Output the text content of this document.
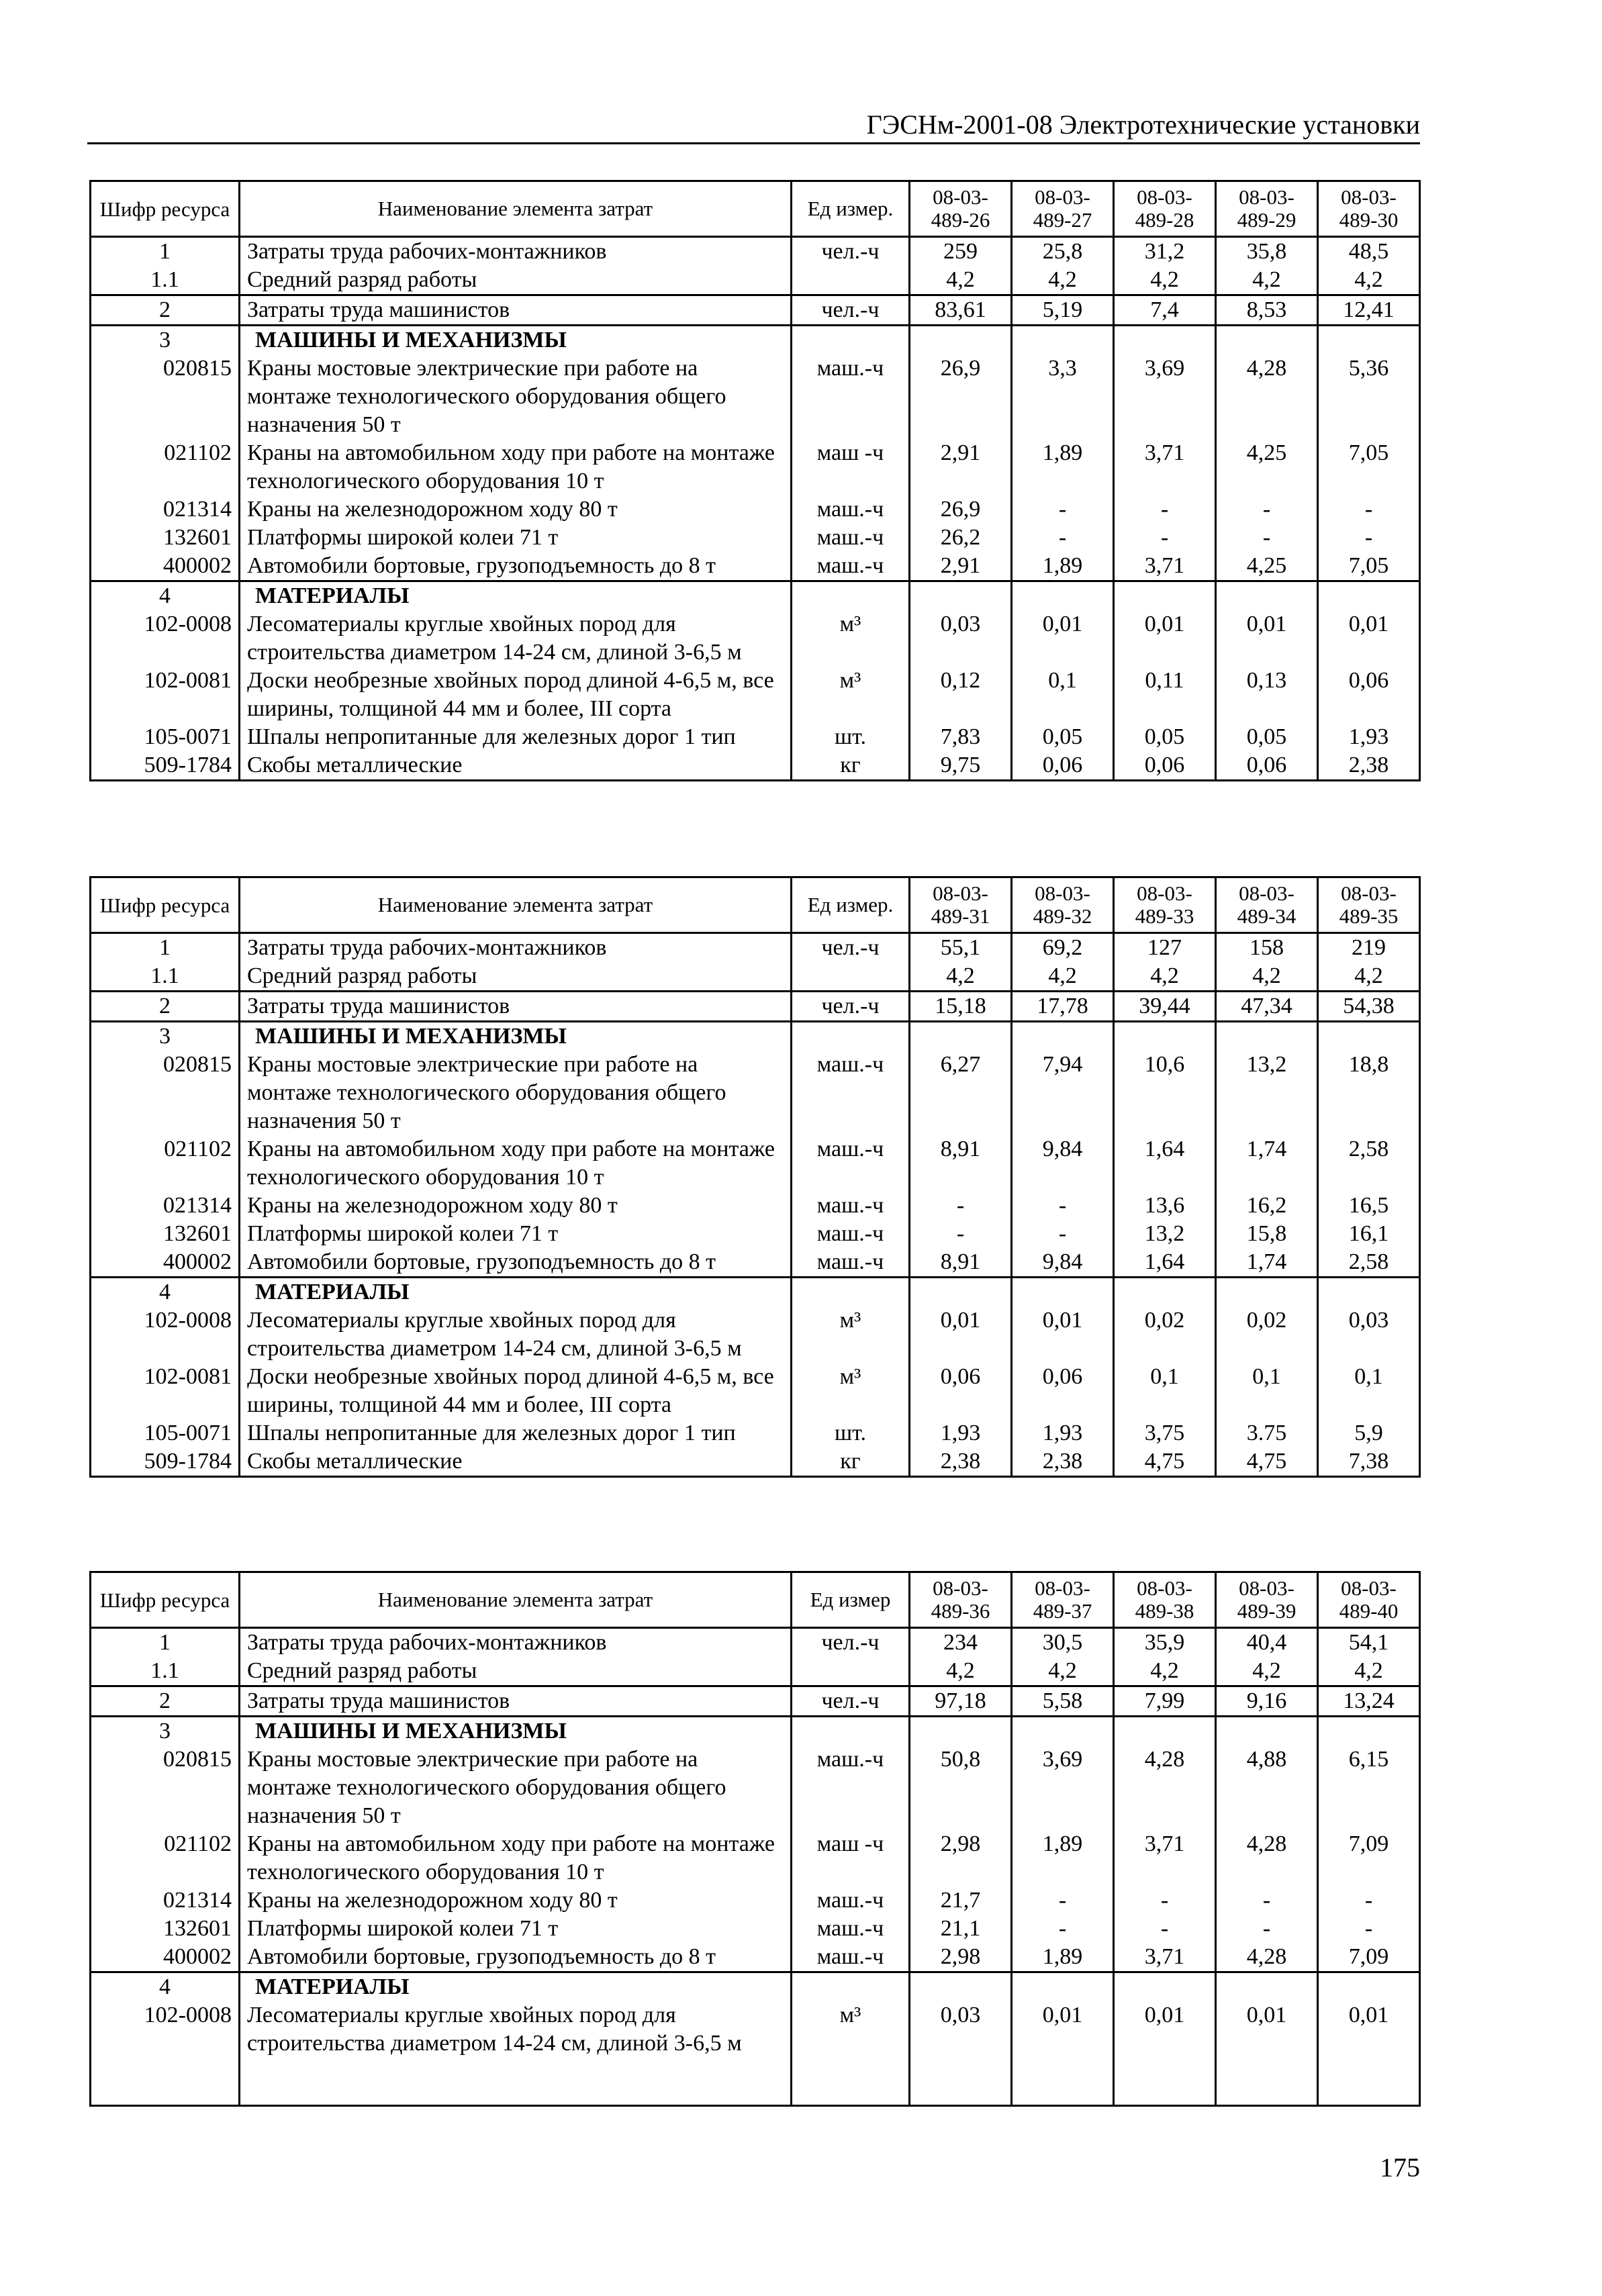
ГЭСНм-2001-08 Электротехнические установки
Шифр ресурса	Наименование элемента затрат	Ед измер.	08-03-489-26	08-03-489-27	08-03-489-28	08-03-489-29	08-03-489-30
1	Затраты труда рабочих-монтажников	чел.-ч	259	25,8	31,2	35,8	48,5
1.1	Средний разряд работы		4,2	4,2	4,2	4,2	4,2
2	Затраты труда машинистов	чел.-ч	83,61	5,19	7,4	8,53	12,41
3	МАШИНЫ И МЕХАНИЗМЫ						
020815	Краны мостовые электрические при работе на монтаже технологического оборудования общего назначения 50 т	маш.-ч	26,9	3,3	3,69	4,28	5,36
021102	Краны на автомобильном ходу при работе на монтаже технологического оборудования 10 т	маш -ч	2,91	1,89	3,71	4,25	7,05
021314	Краны на железнодорожном ходу 80 т	маш.-ч	26,9	-	-	-	-
132601	Платформы широкой колеи 71 т	маш.-ч	26,2	-	-	-	-
400002	Автомобили бортовые, грузоподъемность до 8 т	маш.-ч	2,91	1,89	3,71	4,25	7,05
4	МАТЕРИАЛЫ						
102-0008	Лесоматериалы круглые хвойных пород для строительства диаметром 14-24 см, длиной 3-6,5 м	м³	0,03	0,01	0,01	0,01	0,01
102-0081	Доски необрезные хвойных пород длиной 4-6,5 м, все ширины, толщиной 44 мм и более, III сорта	м³	0,12	0,1	0,11	0,13	0,06
105-0071	Шпалы непропитанные для железных дорог 1 тип	шт.	7,83	0,05	0,05	0,05	1,93
509-1784	Скобы металлические	кг	9,75	0,06	0,06	0,06	2,38
Шифр ресурса	Наименование элемента затрат	Ед измер.	08-03-489-31	08-03-489-32	08-03-489-33	08-03-489-34	08-03-489-35
1	Затраты труда рабочих-монтажников	чел.-ч	55,1	69,2	127	158	219
1.1	Средний разряд работы		4,2	4,2	4,2	4,2	4,2
2	Затраты труда машинистов	чел.-ч	15,18	17,78	39,44	47,34	54,38
3	МАШИНЫ И МЕХАНИЗМЫ						
020815	Краны мостовые электрические при работе на монтаже технологического оборудования общего назначения 50 т	маш.-ч	6,27	7,94	10,6	13,2	18,8
021102	Краны на автомобильном ходу при работе на монтаже технологического оборудования 10 т	маш.-ч	8,91	9,84	1,64	1,74	2,58
021314	Краны на железнодорожном ходу 80 т	маш.-ч	-	-	13,6	16,2	16,5
132601	Платформы широкой колеи 71 т	маш.-ч	-	-	13,2	15,8	16,1
400002	Автомобили бортовые, грузоподъемность до 8 т	маш.-ч	8,91	9,84	1,64	1,74	2,58
4	МАТЕРИАЛЫ						
102-0008	Лесоматериалы круглые хвойных пород для строительства диаметром 14-24 см, длиной 3-6,5 м	м³	0,01	0,01	0,02	0,02	0,03
102-0081	Доски необрезные хвойных пород длиной 4-6,5 м, все ширины, толщиной 44 мм и более, III сорта	м³	0,06	0,06	0,1	0,1	0,1
105-0071	Шпалы непропитанные для железных дорог 1 тип	шт.	1,93	1,93	3,75	3.75	5,9
509-1784	Скобы металлические	кг	2,38	2,38	4,75	4,75	7,38
Шифр ресурса	Наименование элемента затрат	Ед измер	08-03-489-36	08-03-489-37	08-03-489-38	08-03-489-39	08-03-489-40
1	Затраты труда рабочих-монтажников	чел.-ч	234	30,5	35,9	40,4	54,1
1.1	Средний разряд работы		4,2	4,2	4,2	4,2	4,2
2	Затраты труда машинистов	чел.-ч	97,18	5,58	7,99	9,16	13,24
3	МАШИНЫ И МЕХАНИЗМЫ						
020815	Краны мостовые электрические при работе на монтаже технологического оборудования общего назначения 50 т	маш.-ч	50,8	3,69	4,28	4,88	6,15
021102	Краны на автомобильном ходу при работе на монтаже технологического оборудования 10 т	маш -ч	2,98	1,89	3,71	4,28	7,09
021314	Краны на железнодорожном ходу 80 т	маш.-ч	21,7	-	-	-	-
132601	Платформы широкой колеи 71 т	маш.-ч	21,1	-	-	-	-
400002	Автомобили бортовые, грузоподъемность до 8 т	маш.-ч	2,98	1,89	3,71	4,28	7,09
4	МАТЕРИАЛЫ						
102-0008	Лесоматериалы круглые хвойных пород для строительства диаметром 14-24 см, длиной 3-6,5 м	м³	0,03	0,01	0,01	0,01	0,01

175
